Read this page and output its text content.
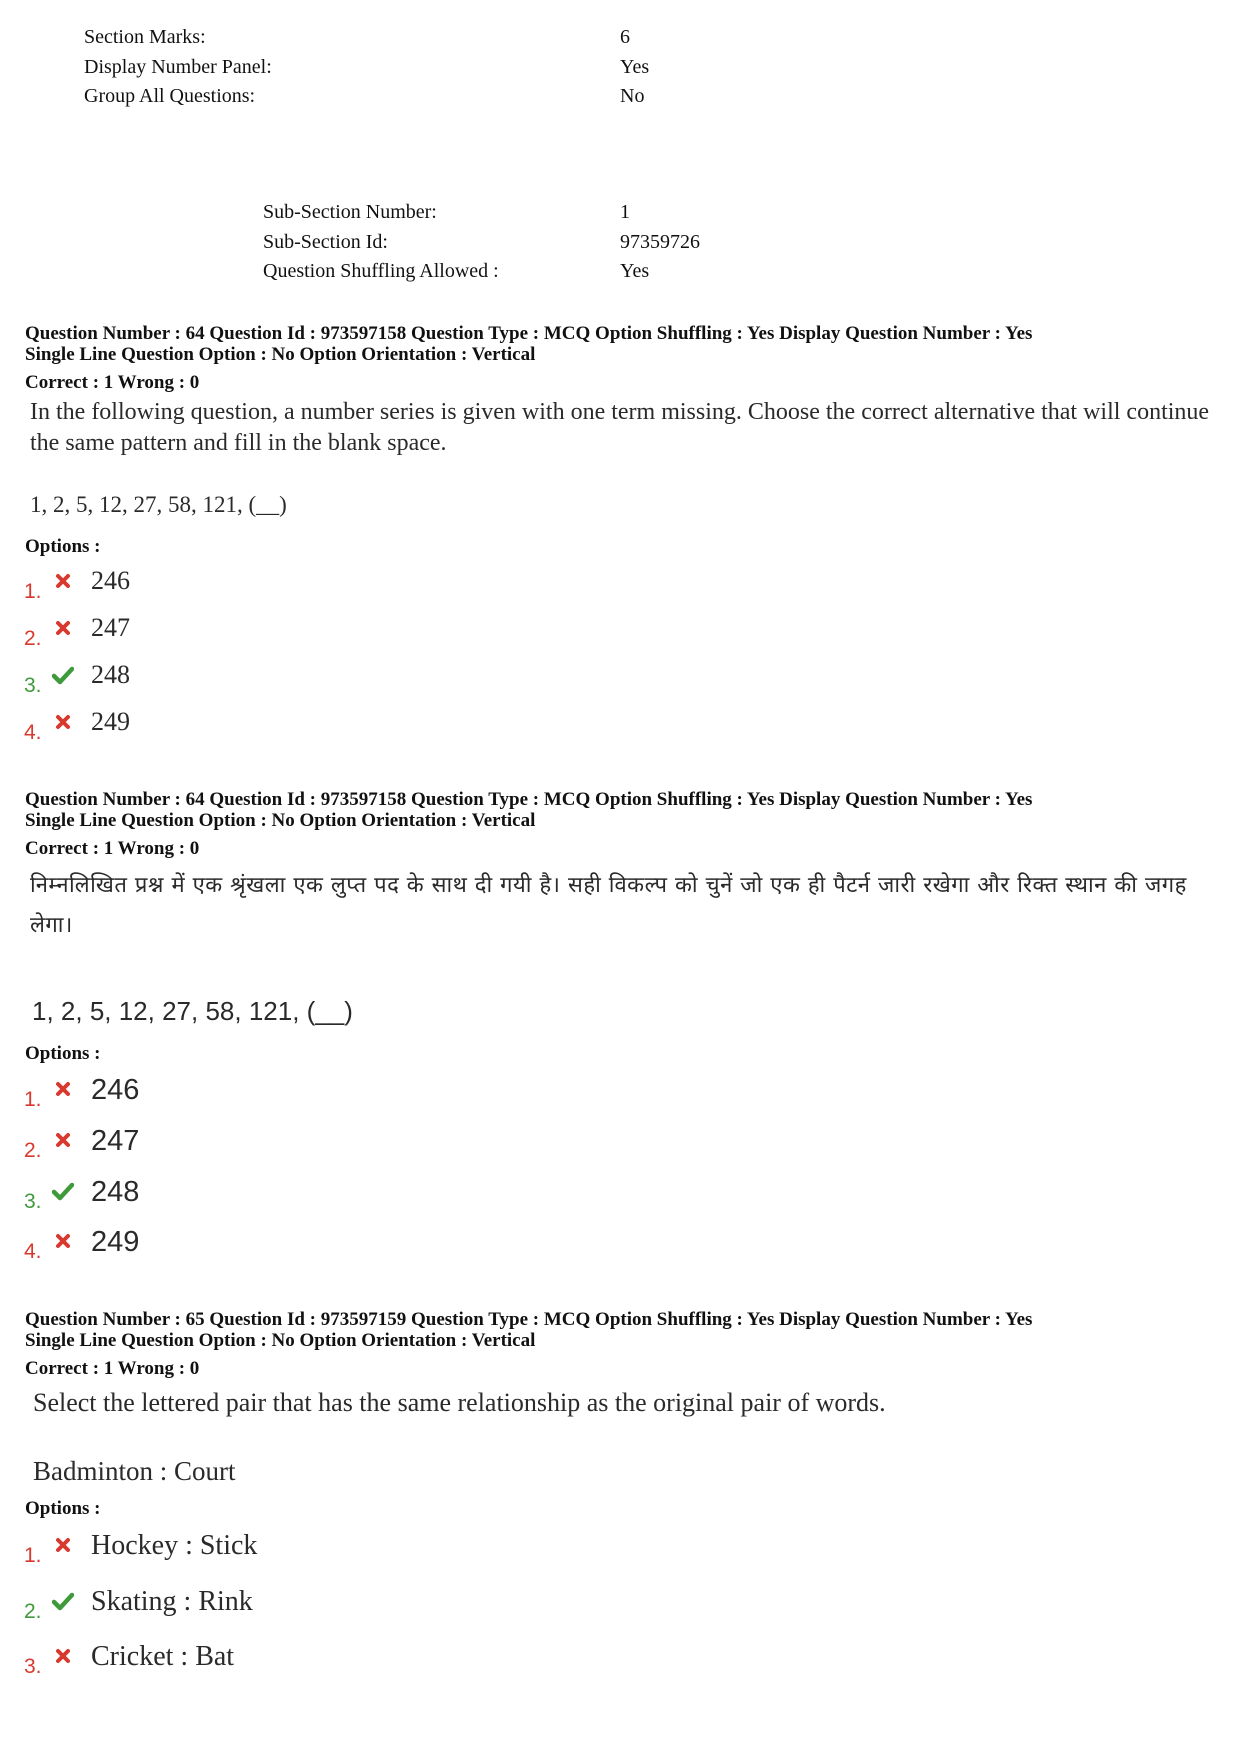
Section Marks:	6
Display Number Panel:	Yes
Group All Questions:	No
Sub-Section Number:	1
Sub-Section Id:	97359726
Question Shuffling Allowed :	Yes
Question Number : 64 Question Id : 973597158 Question Type : MCQ Option Shuffling : Yes Display Question Number : Yes
Single Line Question Option : No Option Orientation : Vertical
Correct : 1 Wrong : 0
In the following question, a number series is given with one term missing. Choose the correct alternative that will continue the same pattern and fill in the blank space.
1, 2, 5, 12, 27, 58, 121, (__)
Options :
1. 246
2. 247
3. 248
4. 249
Question Number : 64 Question Id : 973597158 Question Type : MCQ Option Shuffling : Yes Display Question Number : Yes
Single Line Question Option : No Option Orientation : Vertical
Correct : 1 Wrong : 0
निम्नलिखित प्रश्न में एक श्रृंखला एक लुप्त पद के साथ दी गयी है। सही विकल्प को चुनें जो एक ही पैटर्न जारी रखेगा और रिक्त स्थान की जगह लेगा।
1, 2, 5, 12, 27, 58, 121, (__)
Options :
1. 246
2. 247
3. 248
4. 249
Question Number : 65 Question Id : 973597159 Question Type : MCQ Option Shuffling : Yes Display Question Number : Yes
Single Line Question Option : No Option Orientation : Vertical
Correct : 1 Wrong : 0
Select the lettered pair that has the same relationship as the original pair of words.
Badminton : Court
Options :
1. Hockey : Stick
2. Skating : Rink
3. Cricket : Bat
